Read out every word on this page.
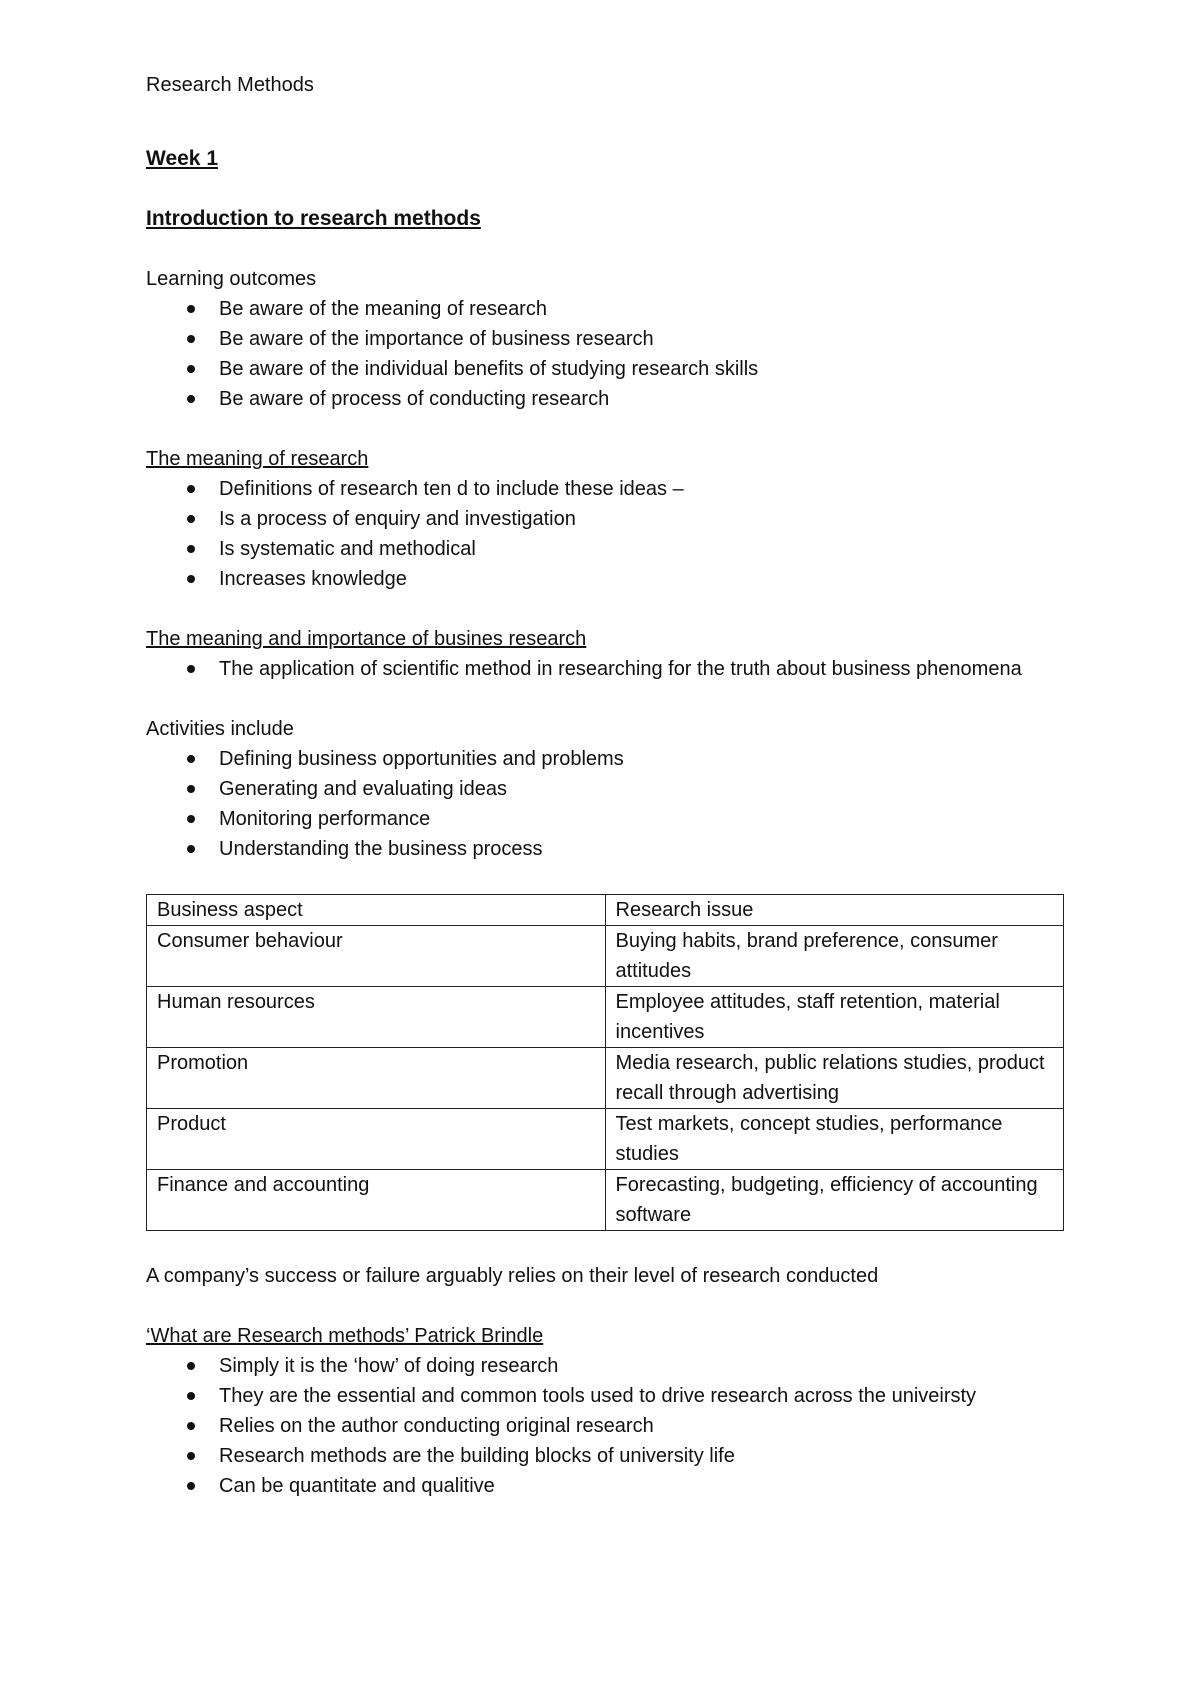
Research Methods

Week 1

Introduction to research methods

Learning outcomes

Be aware of the meaning of research
Be aware of the importance of business research
Be aware of the individual benefits of studying research skills
Be aware of process of conducting research

The meaning of research

Definitions of research ten d to include these ideas –
Is a process of enquiry and investigation
Is systematic and methodical
Increases knowledge

The meaning and importance of busines research

The application of scientific method in researching for the truth about business phenomena

Activities include

Defining business opportunities and problems
Generating and evaluating ideas
Monitoring performance
Understanding the business process
Business aspect	Research issue
Consumer behaviour	Buying habits, brand preference, consumer attitudes
Human resources	Employee attitudes, staff retention, material incentives
Promotion	Media research, public relations studies, product recall through advertising
Product	Test markets, concept studies, performance studies
Finance and accounting	Forecasting, budgeting, efficiency of accounting software

A company’s success or failure arguably relies on their level of research conducted

‘What are Research methods’ Patrick Brindle

Simply it is the ‘how’ of doing research
They are the essential and common tools used to drive research across the univeirsty
Relies on the author conducting original research
Research methods are the building blocks of university life
Can be quantitate and qualitive
